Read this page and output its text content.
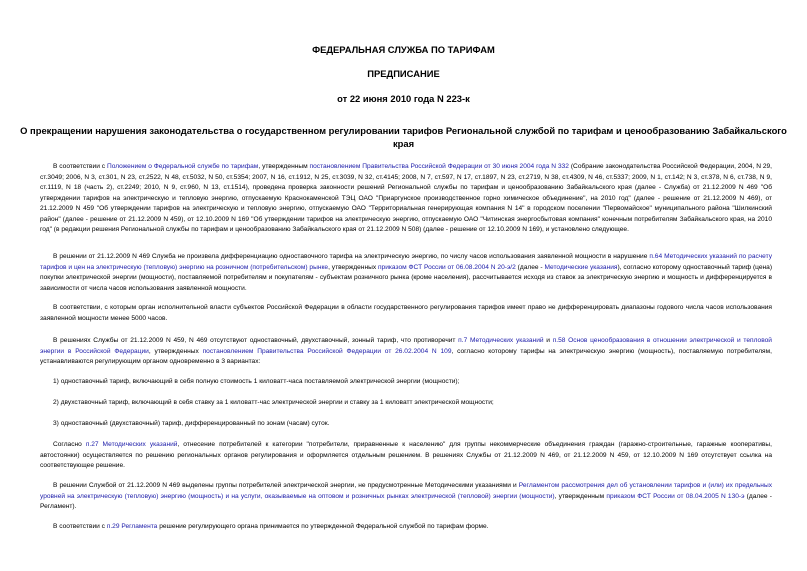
ФЕДЕРАЛЬНАЯ СЛУЖБА ПО ТАРИФАМ
ПРЕДПИСАНИЕ
от 22 июня 2010 года N 223-к
О прекращении нарушения законодательства о государственном регулировании тарифов Региональной службой по тарифам и ценообразованию Забайкальского края
В соответствии с Положением о Федеральной службе по тарифам, утвержденным постановлением Правительства Российской Федерации от 30 июня 2004 года N 332 (Собрание законодательства Российской Федерации, 2004, N 29, ст.3049; 2006, N 3, ст.301, N 23, ст.2522, N 48, ст.5032, N 50, ст.5354; 2007, N 16, ст.1912, N 25, ст.3039, N 32, ст.4145; 2008, N 7, ст.597, N 17, ст.1897, N 23, ст.2719, N 38, ст.4309, N 46, ст.5337; 2009, N 1, ст.142; N 3, ст.378, N 6, ст.738, N 9, ст.1119, N 18 (часть 2), ст.2249; 2010, N 9, ст.960, N 13, ст.1514), проведена проверка законности решений Региональной службы по тарифам и ценообразованию Забайкальского края (далее - Служба) от 21.12.2009 N 469 "Об утверждении тарифов на электрическую и тепловую энергию, отпускаемую Краснокаменской ТЭЦ ОАО "Приаргунское производственное горно химическое объединение", на 2010 год" (далее - решение от 21.12.2009 N 469), от 21.12.2009 N 459 "Об утверждении тарифов на электрическую и тепловую энергию, отпускаемую ОАО "Территориальная генерирующая компания N 14" в городском поселении "Первомайское" муниципального района "Шилкинский район" (далее - решение от 21.12.2009 N 459), от 12.10.2009 N 169 "Об утверждении тарифов на электрическую энергию, отпускаемую ОАО "Читинская энергосбытовая компания" конечным потребителям Забайкальского края, на 2010 год" (в редакции решения Региональной службы по тарифам и ценообразованию Забайкальского края от 21.12.2009 N 508) (далее - решение от 12.10.2009 N 169), и установлено следующее.
В решении от 21.12.2009 N 469 Служба не произвела дифференциацию одноставочного тарифа на электрическую энергию, по числу часов использования заявленной мощности в нарушение п.64 Методических указаний по расчету тарифов и цен на электрическую (тепловую) энергию на розничном (потребительском) рынке, утвержденных приказом ФСТ России от 06.08.2004 N 20-э/2 (далее - Методические указания), согласно которому одноставочный тариф (цена) покупки электрической энергии (мощности), поставляемой потребителям и покупателям - субъектам розничного рынка (кроме населения), рассчитывается исходя из ставок за электрическую энергию и мощность и дифференцируется в зависимости от числа часов использования заявленной мощности.
В соответствии, с которым орган исполнительной власти субъектов Российской Федерации в области государственного регулирования тарифов имеет право не дифференцировать диапазоны годового числа часов использования заявленной мощности менее 5000 часов.
В решениях Службы от 21.12.2009 N 459, N 469 отсутствуют одноставочный, двухставочный, зонный тариф, что противоречит п.7 Методических указаний и п.58 Основ ценообразования в отношении электрической и тепловой энергии в Российской Федерации, утвержденных постановлением Правительства Российской Федерации от 26.02.2004 N 109, согласно которому тарифы на электрическую энергию (мощность), поставляемую потребителям, устанавливаются регулирующим органом одновременно в 3 вариантах:
1) одноставочный тариф, включающий в себя полную стоимость 1 киловатт-часа поставляемой электрической энергии (мощности);
2) двухставочный тариф, включающий в себя ставку за 1 киловатт-час электрической энергии и ставку за 1 киловатт электрической мощности;
3) одноставочный (двухставочный) тариф, дифференцированный по зонам (часам) суток.
Согласно п.27 Методических указаний, отнесение потребителей к категории "потребители, приравненные к населению" для группы некоммерческие объединения граждан (гаражно-строительные, гаражные кооперативы, автостоянки) осуществляется по решению региональных органов регулирования и оформляется отдельным решением. В решениях Службы от 21.12.2009 N 469, от 21.12.2009 N 459, от 12.10.2009 N 169 отсутствует ссылка на соответствующее решение.
В решении Службой от 21.12.2009 N 469 выделены группы потребителей электрической энергии, не предусмотренные Методическими указаниями и Регламентом рассмотрения дел об установлении тарифов и (или) их предельных уровней на электрическую (тепловую) энергию (мощность) и на услуги, оказываемые на оптовом и розничных рынках электрической (тепловой) энергии (мощности), утвержденным приказом ФСТ России от 08.04.2005 N 130-э (далее - Регламент).
В соответствии с п.29 Регламента решение регулирующего органа принимается по утвержденной Федеральной службой по тарифам форме.
